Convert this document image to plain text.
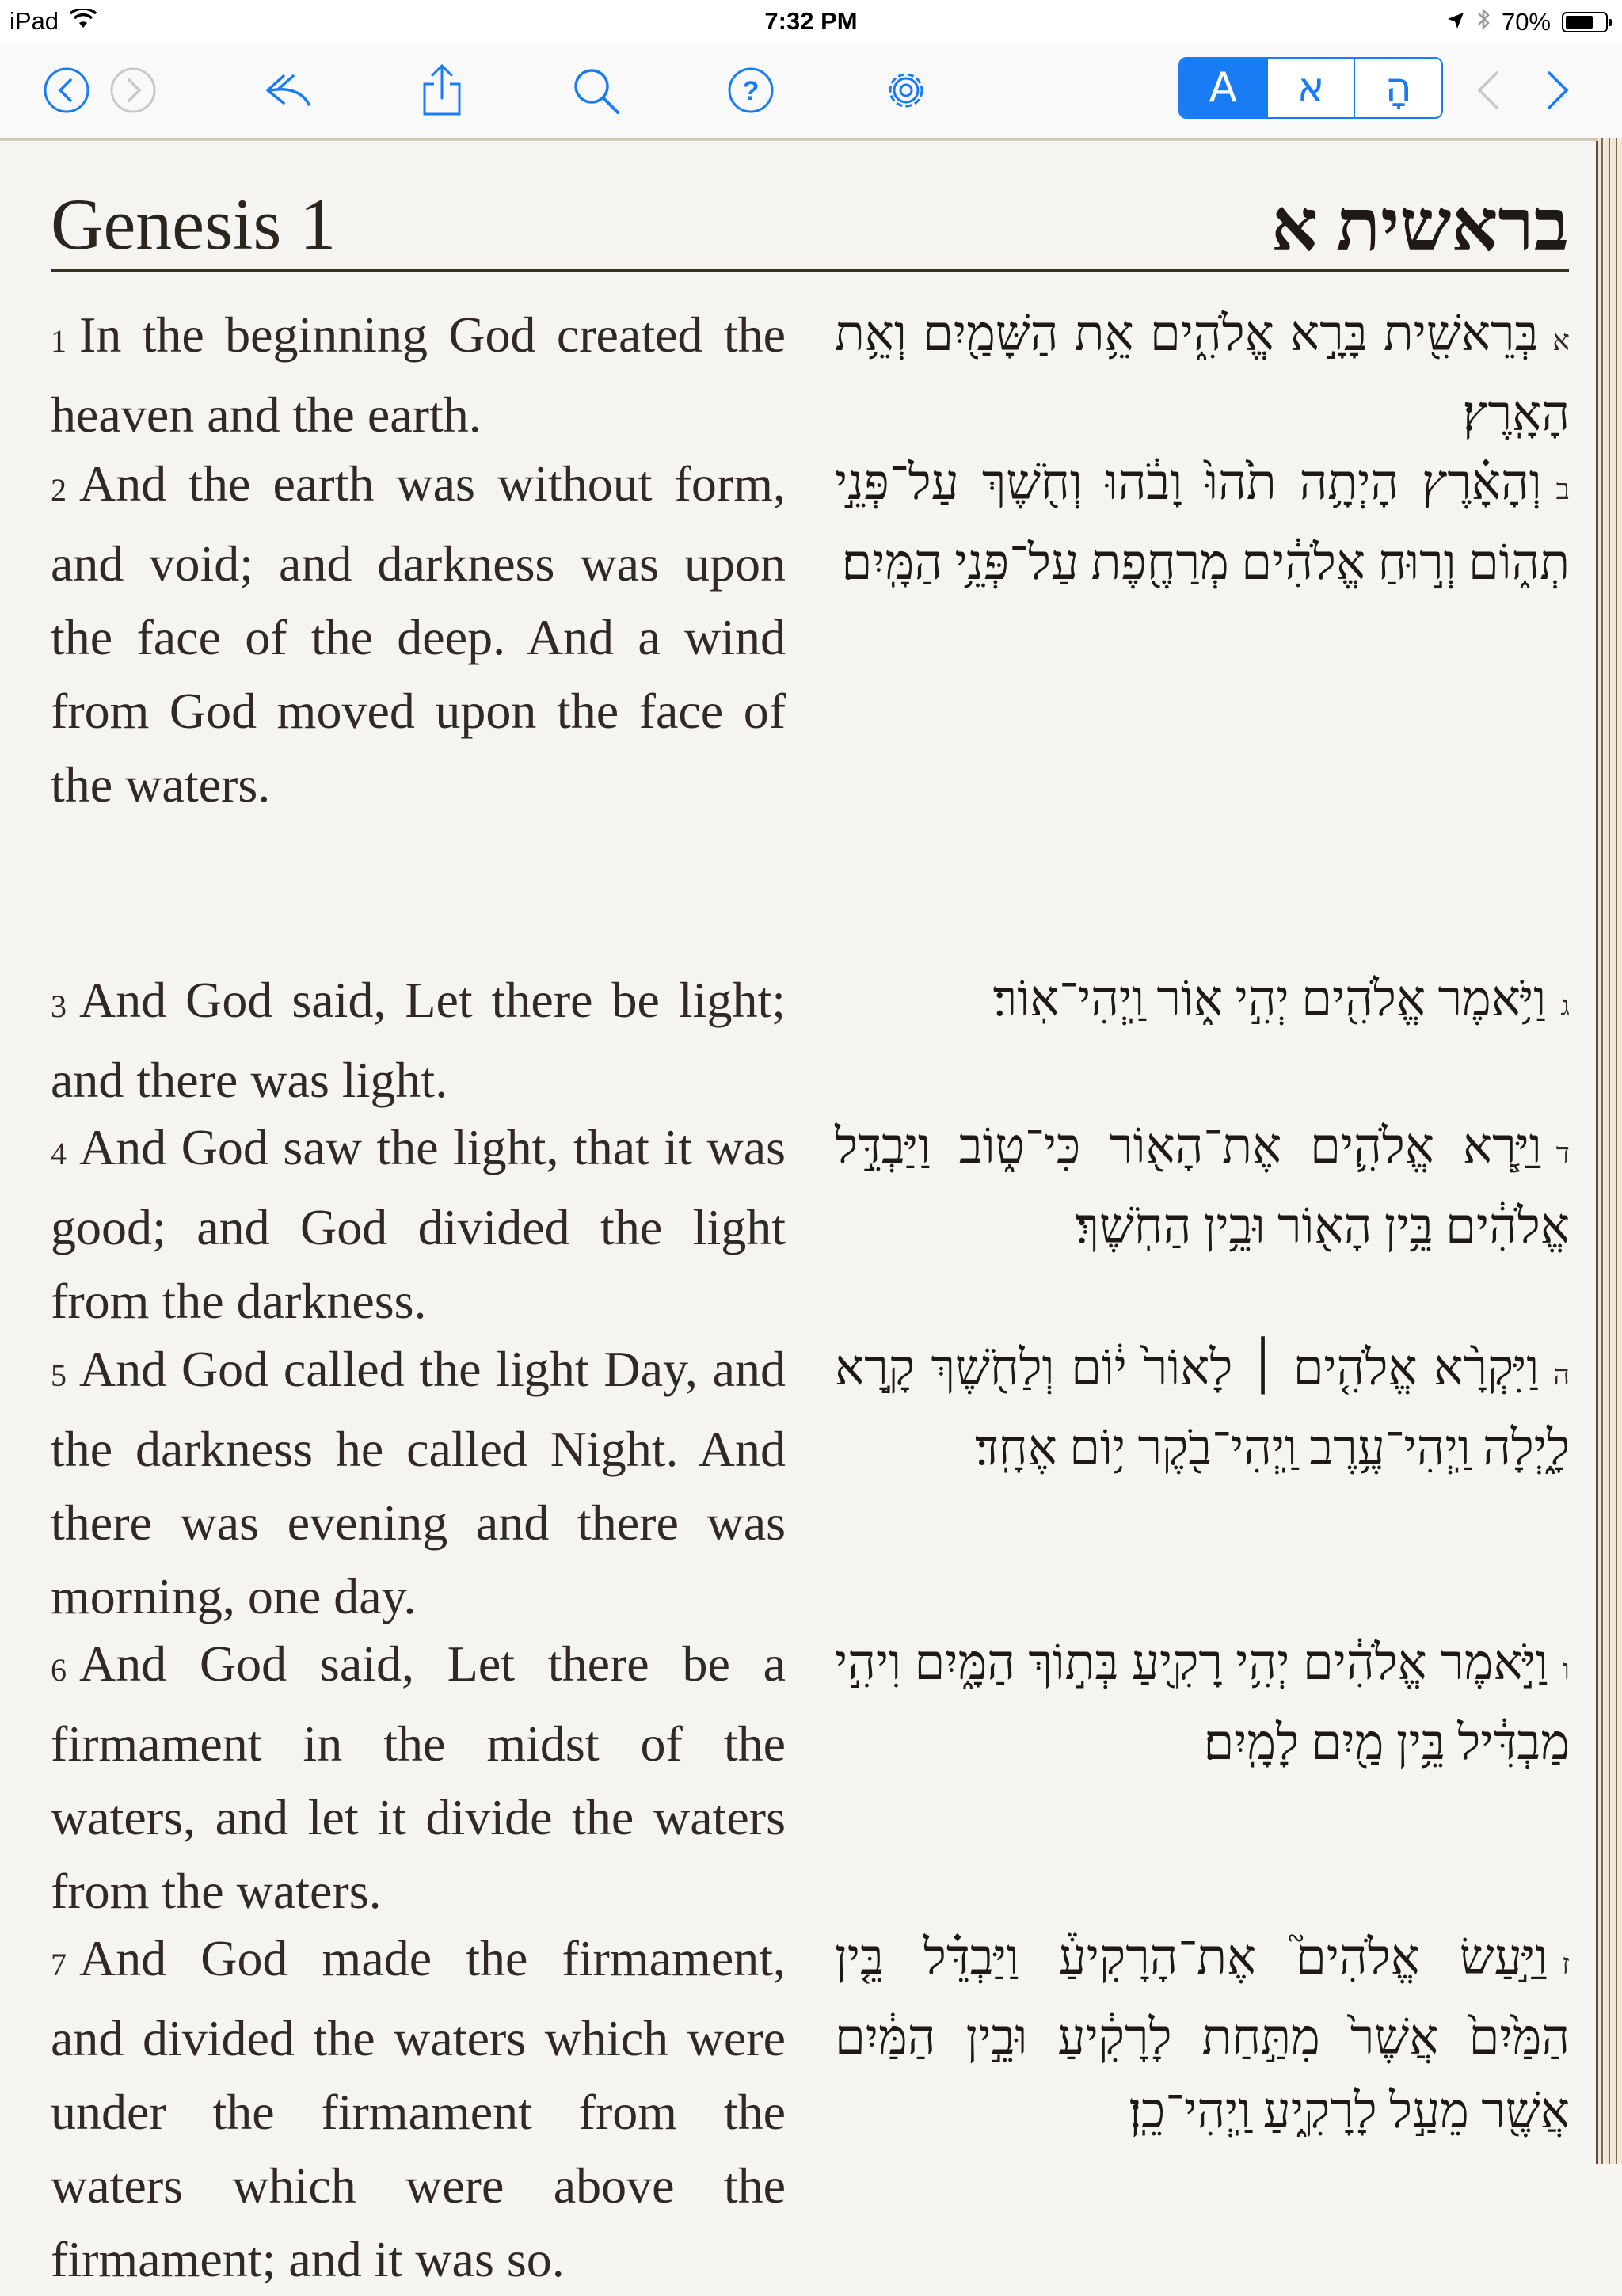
iPad	7:32 PM	70%
?	A	א	הָ
Genesis 1	בראשית א
1 In the beginning God created the heaven and the earth.
אבְּרֵאשִׁ֖ית בָּרָ֣א אֱלֹהִ֑ים אֵ֥ת הַשָּׁמַ֖יִם וְאֵ֥ת הָאָֽרֶץ׃
2 And the earth was without form, and void; and darkness was upon the face of the deep. And a wind from God moved upon the face of the waters.
בוְהָאָ֗רֶץ הָיְתָ֥ה תֹ֙הוּ֙ וָבֹ֔הוּ וְחֹ֖שֶׁךְ עַל־פְּנֵ֣י תְה֑וֹם וְר֣וּחַ אֱלֹהִ֔ים מְרַחֶ֖פֶת עַל־פְּנֵ֥י הַמָּֽיִם׃
3 And God said, Let there be light; and there was light.
גוַיֹּ֥אמֶר אֱלֹהִ֖ים יְהִ֣י א֑וֹר וַֽיְהִי־אֽוֹר׃
4 And God saw the light, that it was good; and God divided the light from the darkness.
דוַיַּ֧רְא אֱלֹהִ֛ים אֶת־הָא֖וֹר כִּי־ט֑וֹב וַיַּבְדֵּ֣ל אֱלֹהִ֔ים בֵּ֥ין הָא֖וֹר וּבֵ֥ין הַחֹֽשֶׁךְ׃
5 And God called the light Day, and the darkness he called Night. And there was evening and there was morning, one day.
הוַיִּקְרָ֨א אֱלֹהִ֤ים ׀ לָאוֹר֙ י֔וֹם וְלַחֹ֖שֶׁךְ קָ֣רָא לָ֑יְלָה וַֽיְהִי־עֶ֥רֶב וַֽיְהִי־בֹ֖קֶר י֥וֹם אֶחָֽד׃
6 And God said, Let there be a firmament in the midst of the waters, and let it divide the waters from the waters.
ווַיֹּ֣אמֶר אֱלֹהִ֔ים יְהִ֥י רָקִ֖יעַ בְּת֣וֹךְ הַמָּ֑יִם וִיהִ֣י מַבְדִּ֔יל בֵּ֥ין מַ֖יִם לָמָֽיִם׃
7 And God made the firmament, and divided the waters which were under the firmament from the waters which were above the firmament; and it was so.
זוַיַּ֣עַשׂ אֱלֹהִים֮ אֶת־הָרָקִיעַ֒ וַיַּבְדֵּ֗ל בֵּ֤ין הַמַּ֙יִם֙ אֲשֶׁר֙ מִתַּ֣חַת לָרָקִ֔יעַ וּבֵ֣ין הַמַּ֔יִם אֲשֶׁ֖ר מֵעַ֣ל לָרָקִ֑יעַ וַֽיְהִי־כֵֽן׃
